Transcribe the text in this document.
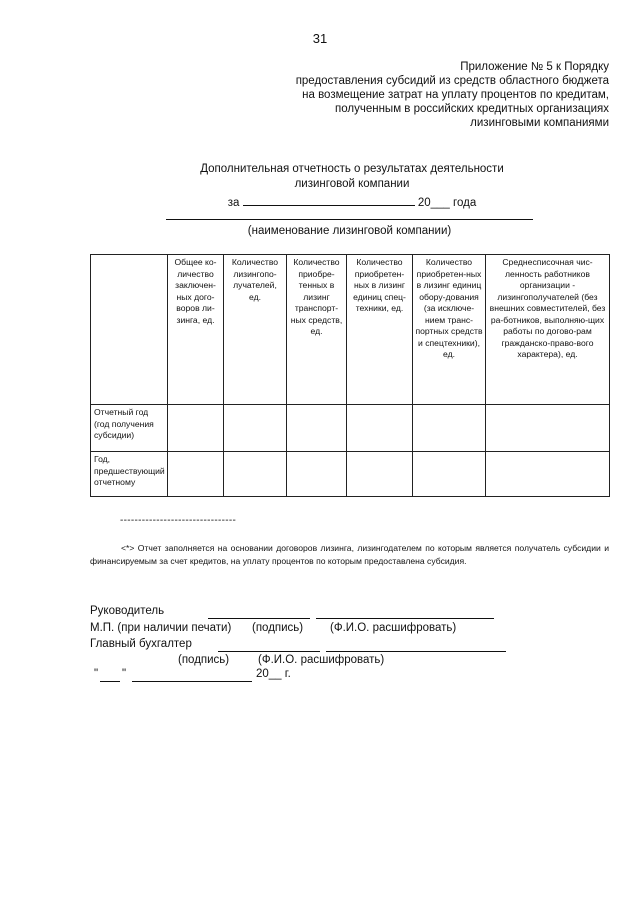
31
Приложение № 5 к Порядку
предоставления субсидий из средств областного бюджета
на возмещение затрат на уплату процентов по кредитам,
полученным в российских кредитных организациях
лизинговыми компаниями
Дополнительная отчетность о результатах деятельности
лизинговой компании
за	20___ года
(наименование лизинговой компании)
	Общее ко-личество заключен-ных дого-воров ли-зинга, ед.	Количество лизингопо-лучателей, ед.	Количество приобре-тенных в лизинг транспорт-ных средств, ед.	Количество приобретен-ных в лизинг единиц спец-техники, ед.	Количество приобретен-ных в лизинг единиц обору-дования (за исключе-нием транс-портных средств и спецтехники), ед.	Среднесписочная чис-ленность работников организации - лизингополучателей (без внешних совместителей, без ра-ботников, выполняю-щих работы по догово-рам гражданско-право-вого характера), ед.
Отчетный год (год получения субсидии)						
Год, предшествующий отчетному						
--------------------------------
<*> Отчет заполняется на основании договоров лизинга, лизингодателем по которым является получатель субсидии и финансируемым за счет кредитов, на уплату процентов по которым предоставлена субсидия.
Руководитель
М.П. (при наличии печати) (подпись) (Ф.И.О. расшифровать)
Главный бухгалтер
(подпись)	(Ф.И.О. расшифровать)
" "	20__ г.
